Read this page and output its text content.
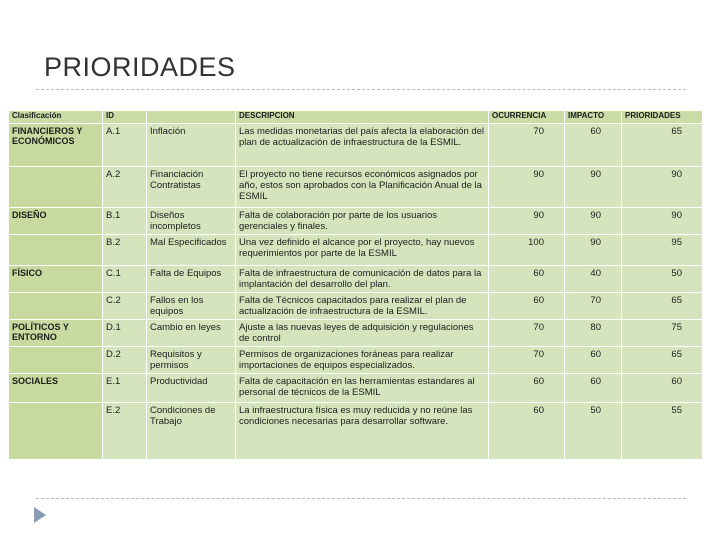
PRIORIDADES
Clasificación	ID		DESCRIPCION	OCURRENCIA	IMPACTO	PRIORIDADES
FINANCIEROS Y ECONÓMICOS	A.1	Inflación	Las medidas monetarias del país afecta la elaboración del plan de actualización de infraestructura de la ESMIL.	70	60	65
	A.2	Financiación Contratistas	El proyecto no tiene recursos económicos asignados por año, estos son aprobados con la Planificación Anual de la ESMIL	90	90	90
DISEÑO	B.1	Diseños incompletos	Falta de colaboración por parte de los usuarios gerenciales y finales.	90	90	90
	B.2	Mal Especificados	Una vez definido el alcance por el proyecto, hay nuevos requerimientos por parte de la ESMIL	100	90	95
FÍSICO	C.1	Falta de Equipos	Falta de infraestructura de comunicación de datos para la implantación del desarrollo del plan.	60	40	50
	C.2	Fallos en los equipos	Falta de Técnicos capacitados para realizar el plan de actualización de infraestructura de la ESMIL.	60	70	65
POLÍTICOS Y ENTORNO	D.1	Cambio en leyes	Ajuste a las nuevas leyes de adquisición y regulaciones de control	70	80	75
	D.2	Requisitos y permisos	Permisos de organizaciones foráneas para realizar importaciones de equipos especializados.	70	60	65
SOCIALES	E.1	Productividad	Falta de capacitación en las herramientas estandares al personal de técnicos de la ESMIL	60	60	60
	E.2	Condiciones de Trabajo	La infraestructura física es muy reducida y no reúne las condiciones necesarias para desarrollar software.	60	50	55
